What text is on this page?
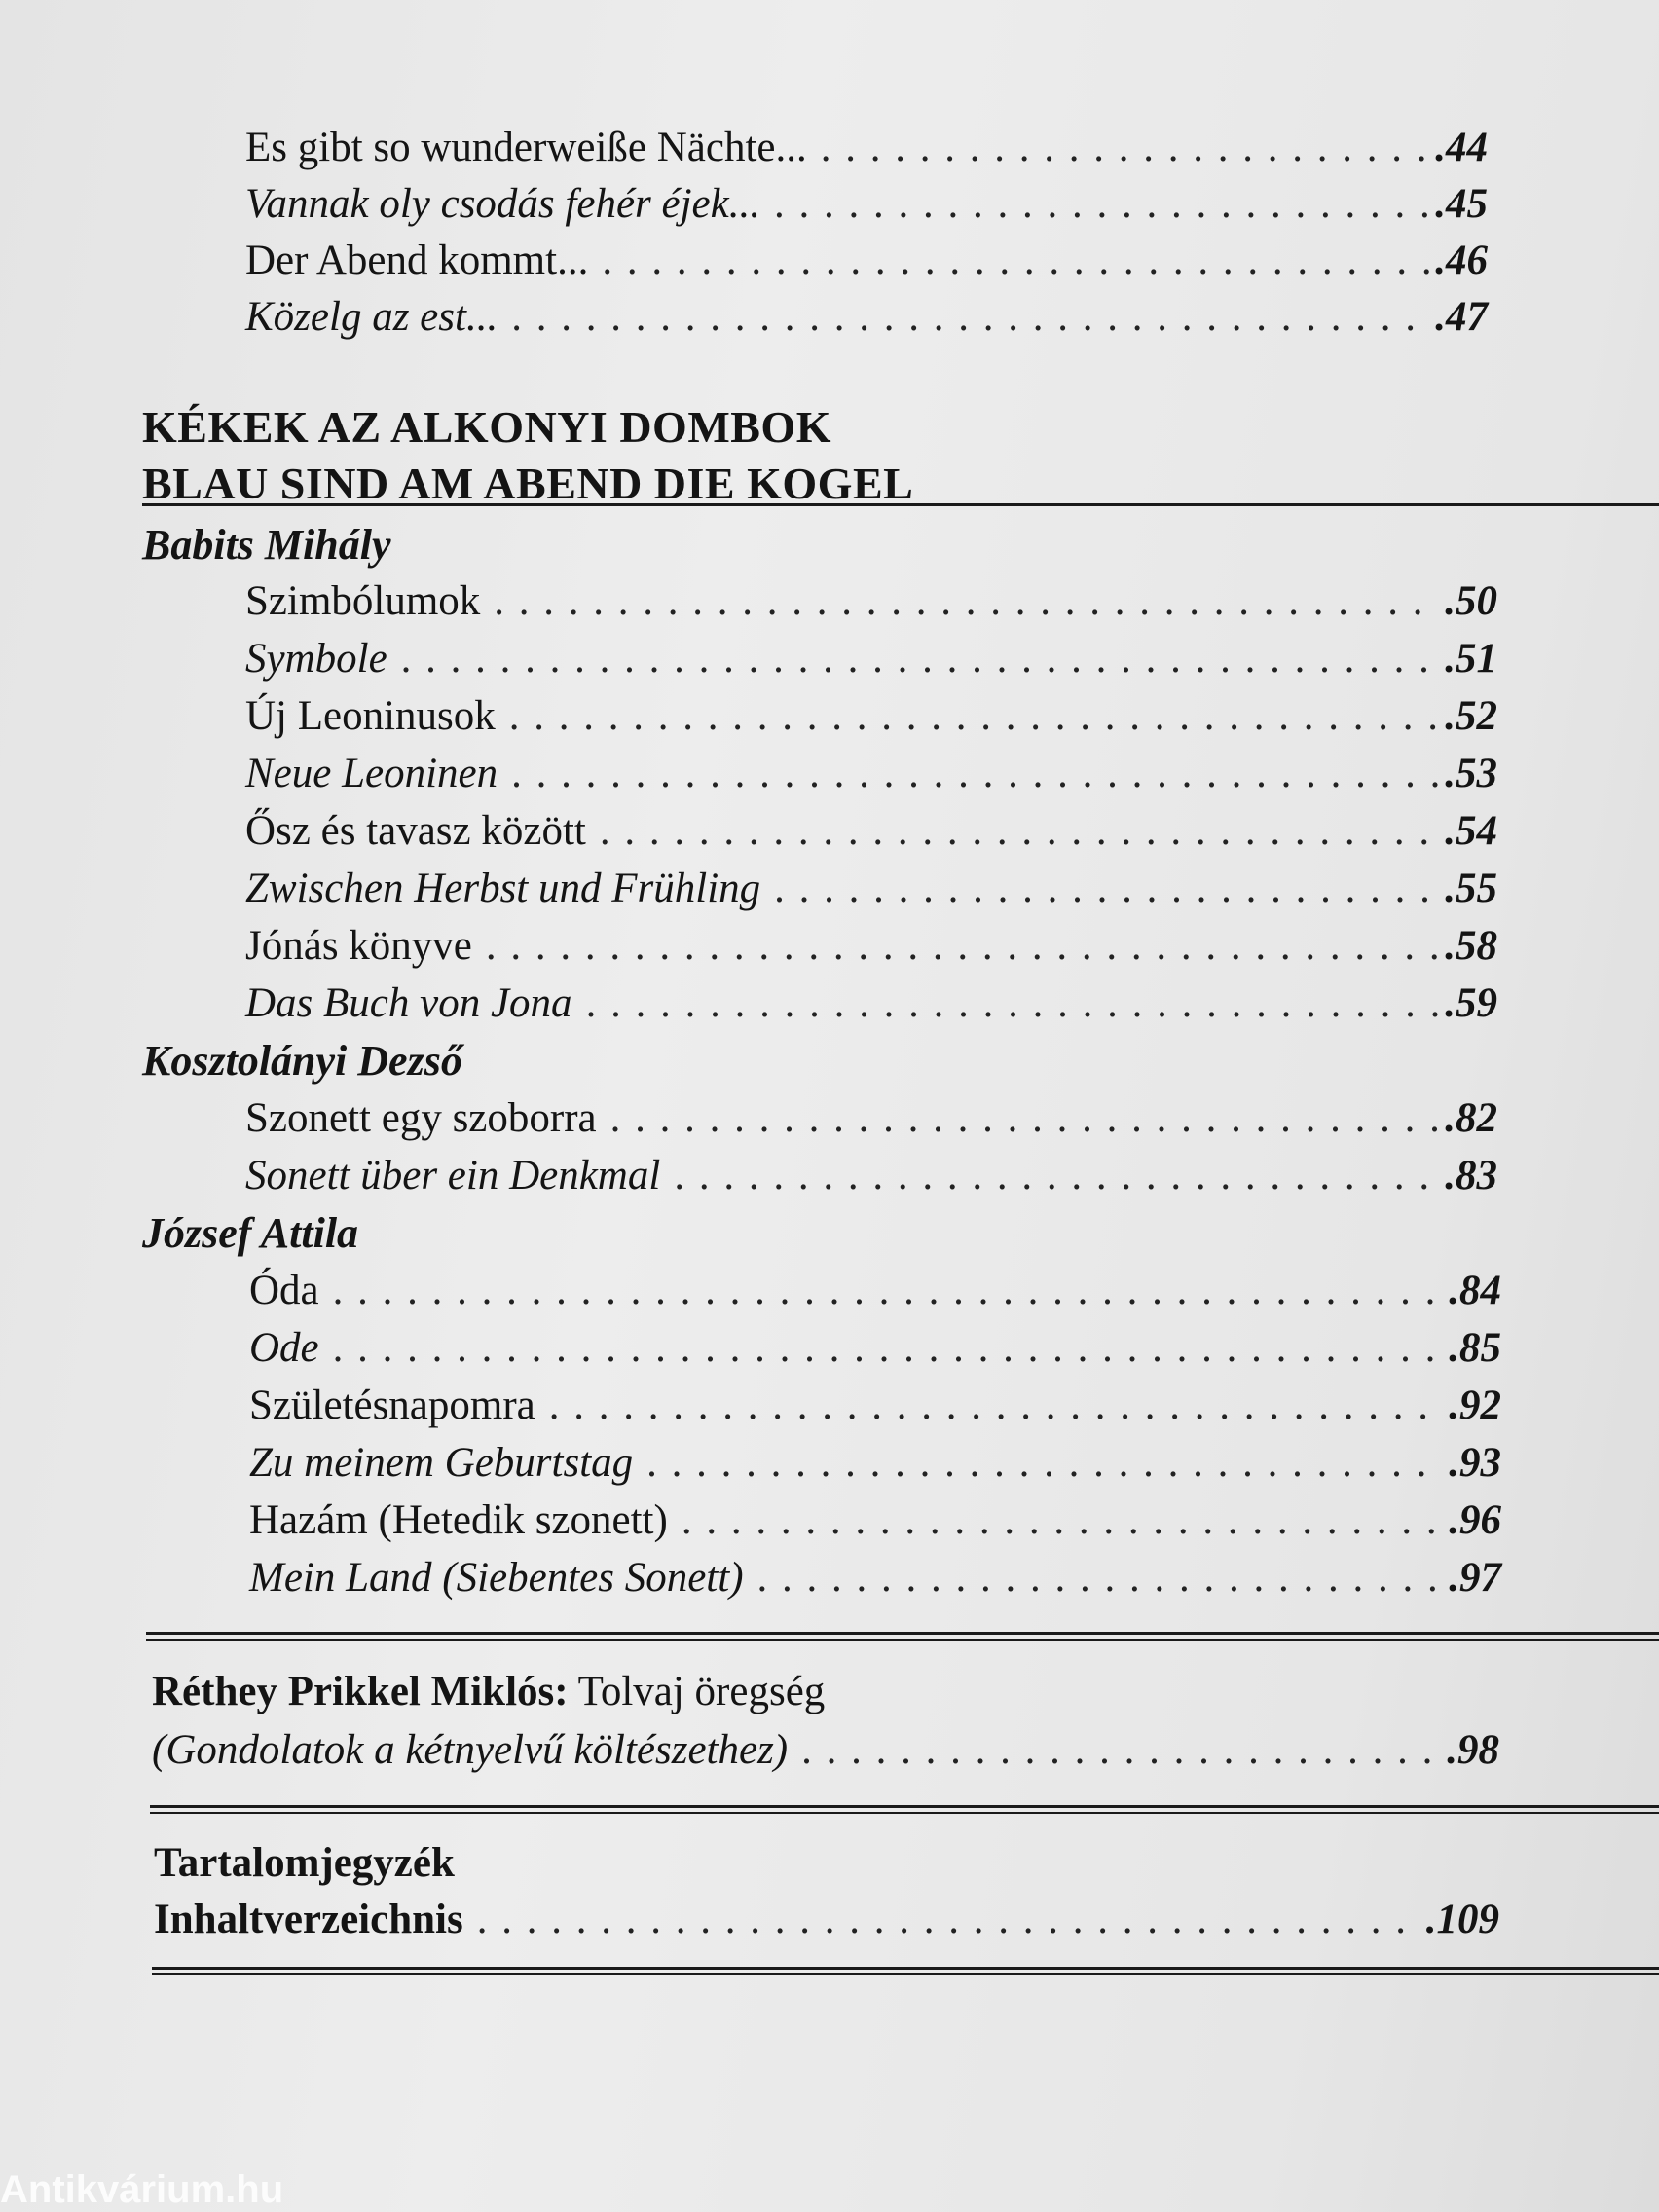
Es gibt so wunderweiße Nächte... . . .	.44
Vannak oly csodás fehér éjek... . . .	.45
Der Abend kommt... . . .	.46
Közelg az est... . . .	.47
KÉKEK AZ ALKONYI DOMBOK
BLAU SIND AM ABEND DIE KOGEL
Babits Mihály
Szimbólumok . . .	.50
Symbole . . .	.51
Új Leoninusok . . .	.52
Neue Leoninen . . .	.53
Ősz és tavasz között . . .	.54
Zwischen Herbst und Frühling . . .	.55
Jónás könyve . . .	.58
Das Buch von Jona . . .	.59
Kosztolányi Dezső
Szonett egy szoborra . . .	.82
Sonett über ein Denkmal . . .	.83
József Attila
Óda . . .	.84
Ode . . .	.85
Születésnapomra . . .	.92
Zu meinem Geburtstag . . .	.93
Hazám (Hetedik szonett) . . .	.96
Mein Land (Siebentes Sonett) . . .	.97
Réthey Prikkel Miklós: Tolvaj öregség
(Gondolatok a kétnyelvű költészethez) . . .	.98
Tartalomjegyzék
Inhaltverzeichnis . . .	.109
Antikvárium.hu
